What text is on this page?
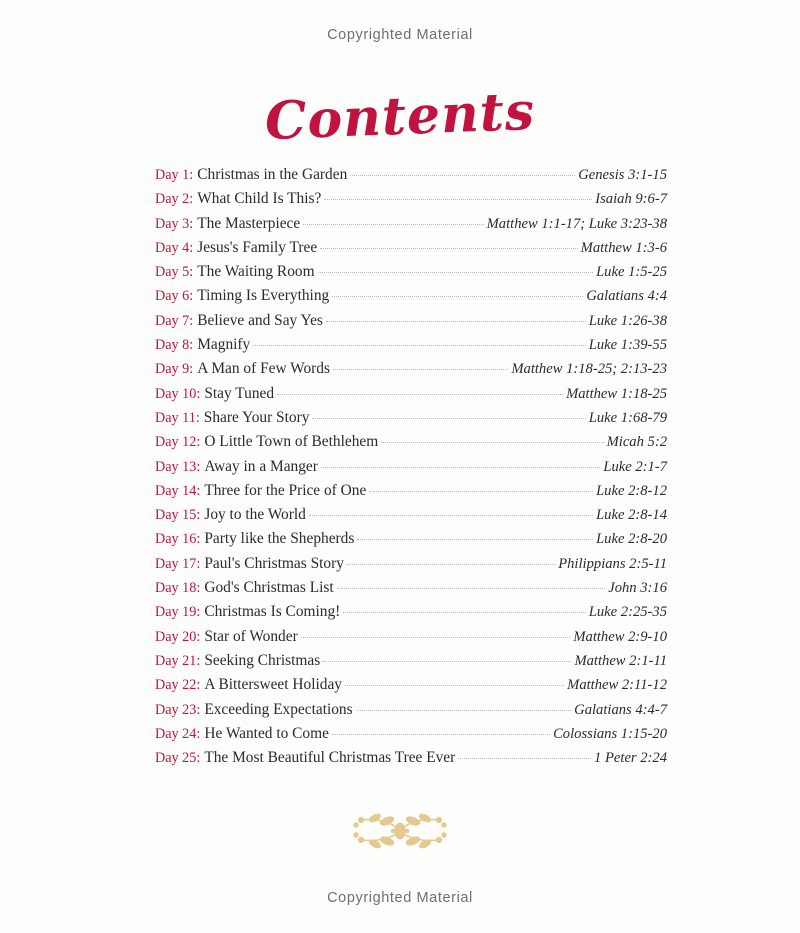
Copyrighted Material
Contents
Day 1: Christmas in the Garden	Genesis 3:1-15
Day 2: What Child Is This?	Isaiah 9:6-7
Day 3: The Masterpiece	Matthew 1:1-17; Luke 3:23-38
Day 4: Jesus's Family Tree	Matthew 1:3-6
Day 5: The Waiting Room	Luke 1:5-25
Day 6: Timing Is Everything	Galatians 4:4
Day 7: Believe and Say Yes	Luke 1:26-38
Day 8: Magnify	Luke 1:39-55
Day 9: A Man of Few Words	Matthew 1:18-25; 2:13-23
Day 10: Stay Tuned	Matthew 1:18-25
Day 11: Share Your Story	Luke 1:68-79
Day 12: O Little Town of Bethlehem	Micah 5:2
Day 13: Away in a Manger	Luke 2:1-7
Day 14: Three for the Price of One	Luke 2:8-12
Day 15: Joy to the World	Luke 2:8-14
Day 16: Party like the Shepherds	Luke 2:8-20
Day 17: Paul's Christmas Story	Philippians 2:5-11
Day 18: God's Christmas List	John 3:16
Day 19: Christmas Is Coming!	Luke 2:25-35
Day 20: Star of Wonder	Matthew 2:9-10
Day 21: Seeking Christmas	Matthew 2:1-11
Day 22: A Bittersweet Holiday	Matthew 2:11-12
Day 23: Exceeding Expectations	Galatians 4:4-7
Day 24: He Wanted to Come	Colossians 1:15-20
Day 25: The Most Beautiful Christmas Tree Ever	1 Peter 2:24
Copyrighted Material
